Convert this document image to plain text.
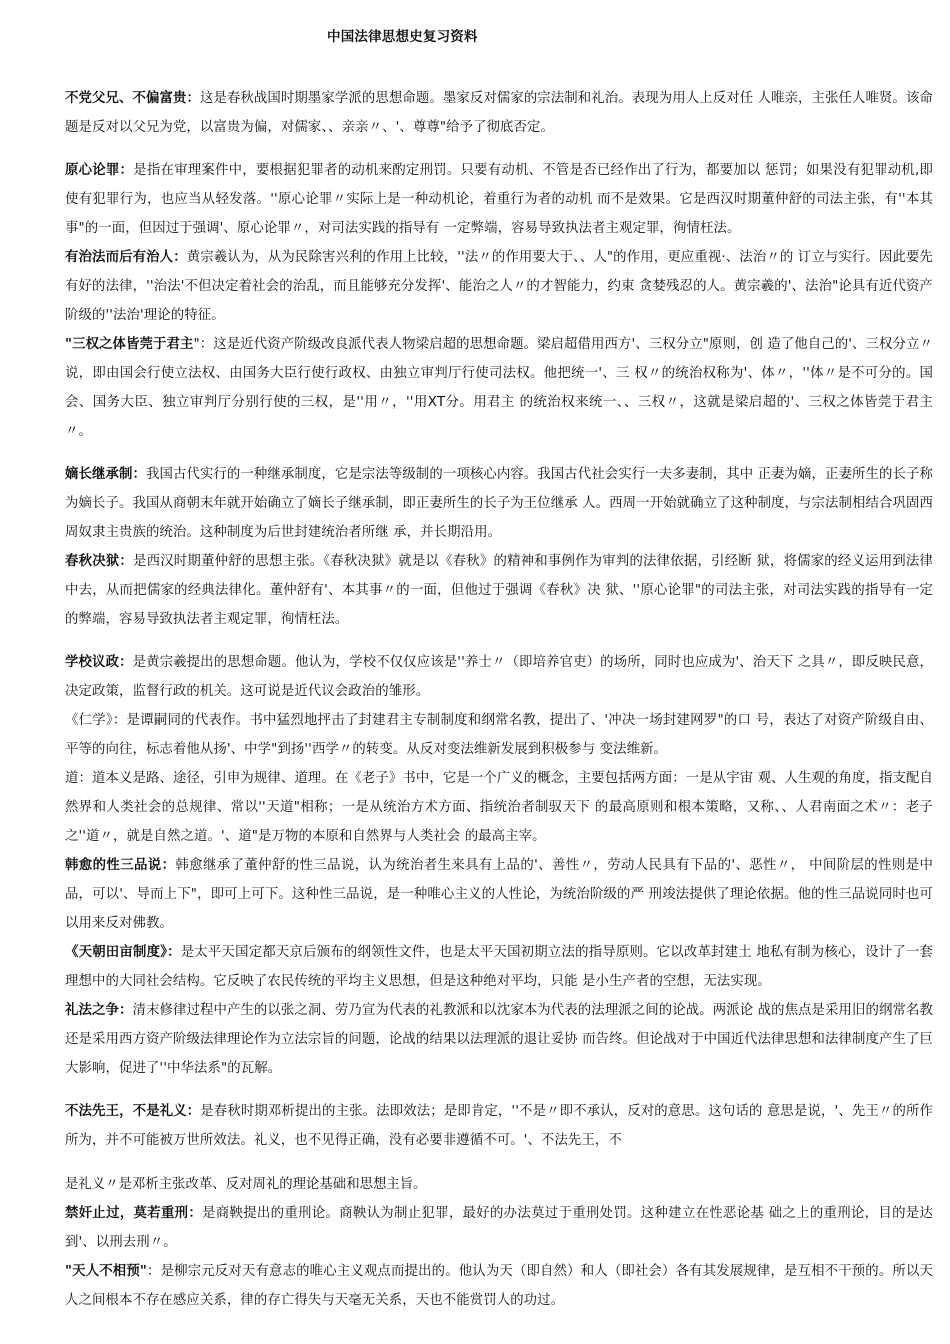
中国法律思想史复习资料

不党父兄、不偏富贵：这是春秋战国时期墨家学派的思想命题。墨家反对儒家的宗法制和礼治。表现为用人上反对任 人唯亲，主张任人唯贤。该命题是反对以父兄为党，以富贵为偏，对儒家、、亲亲〃、'、尊尊"给予了彻底否定。

原心论罪：是指在审理案件中，要根据犯罪者的动机来酌定刑罚。只要有动机、不管是否已经作出了行为，都要加以 惩罚；如果没有犯罪动机,即使有犯罪行为，也应当从轻发落。''原心论罪〃实际上是一种动机论，着重行为者的动机 而不是效果。它是西汉时期董仲舒的司法主张，有''本其事"的一面，但因过于强调'、原心论罪〃，对司法实践的指导有 一定弊端，容易导致执法者主观定罪，徇情枉法。

有治法而后有治人：黄宗羲认为，从为民除害兴利的作用上比较，''法〃的作用要大于、、人"的作用，更应重视·、法治〃的 订立与实行。因此要先有好的法律，''治法'不但决定着社会的治乱，而且能够充分发挥'、能治之人〃的才智能力，约束 贪婪残忍的人。黄宗羲的'、法治"论具有近代资产阶级的''法治'理论的特征。

"三权之体皆莞于君主"：这是近代资产阶级改良派代表人物梁启超的思想命题。梁启超借用西方'、三权分立"原则，创 造了他自己的'、三权分立〃说，即由国会行使立法权、由国务大臣行使行政权、由独立审判厅行使司法权。他把统一'、三 权〃的统治权称为'、体〃，''体〃是不可分的。国会、国务大臣、独立审判厅分别行使的三权，是''用〃，''用XT分。用君主 的统治权来统一、、三权〃，这就是梁启超的'、三权之体皆莞于君主〃。

嫡长继承制：我国古代实行的一种继承制度，它是宗法等级制的一项核心内容。我国古代社会实行一夫多妻制，其中 正妻为嫡，正妻所生的长子称为嫡长子。我国从商朝末年就开始确立了嫡长子继承制，即正妻所生的长子为王位继承 人。西周一开始就确立了这种制度，与宗法制相结合巩固西周奴隶主贵族的统治。这种制度为后世封建统治者所继 承，并长期沿用。

春秋决狱：是西汉时期董仲舒的思想主张。《春秋决狱》就是以《春秋》的精神和事例作为审判的法律依据，引经断 狱，将儒家的经义运用到法律中去，从而把儒家的经典法律化。董仲舒有'、本其事〃的一面，但他过于强调《春秋》决 狱、''原心论罪"的司法主张，对司法实践的指导有一定的弊端，容易导致执法者主观定罪，徇情枉法。

学校议政：是黄宗羲提出的思想命题。他认为，学校不仅仅应该是''养士〃（即培养官吏）的场所，同时也应成为'、治天下 之具〃，即反映民意，决定政策，监督行政的机关。这可说是近代议会政治的雏形。

《仁学》：是谭嗣同的代表作。书中猛烈地抨击了封建君主专制制度和纲常名教，提出了、'冲决一场封建网罗"的口 号，表达了对资产阶级自由、平等的向往，标志着他从扬'、中学"到扬''西学〃的转变。从反对变法维新发展到积极参与 变法维新。

道：道本义是路、途径，引申为规律、道理。在《老子》书中，它是一个广义的概念，主要包括两方面：一是从宇宙 观、人生观的角度，指支配自然界和人类社会的总规律、常以''天道"相称；一是从统治方术方面、指统治者制驭天下 的最高原则和根本策略，又称、、人君南面之术〃：老子之''道〃，就是自然之道。'、道"是万物的本原和自然界与人类社会 的最高主宰。

韩愈的性三品说：韩愈继承了董仲舒的性三品说，认为统治者生来具有上品的'、善性〃，劳动人民具有下品的'、恶性〃， 中间阶层的性则是中品，可以'、导而上下"，即可上可下。这种性三品说，是一种唯心主义的人性论，为统治阶级的严 刑竣法提供了理论依据。他的性三品说同时也可以用来反对佛教。

《天朝田亩制度》：是太平天国定都天京后颁布的纲领性文件，也是太平天国初期立法的指导原则。它以改革封建土 地私有制为核心，设计了一套理想中的大同社会结构。它反映了农民传统的平均主义思想，但是这种绝对平均，只能 是小生产者的空想，无法实现。

礼法之争：清末修律过程中产生的以张之洞、劳乃宣为代表的礼教派和以沈家本为代表的法理派之间的论战。两派论 战的焦点是采用旧的纲常名教还是采用西方资产阶级法律理论作为立法宗旨的问题，论战的结果以法理派的退让妥协 而告终。但论战对于中国近代法律思想和法律制度产生了巨大影响，促进了''中华法系"的瓦解。

不法先王，不是礼义：是春秋时期邓析提出的主张。法即效法；是即肯定，''不是〃即不承认，反对的意思。这句话的 意思是说，'、先王〃的所作所为，并不可能被万世所效法。礼义，也不见得正确，没有必要非遵循不可。'、不法先王，不

是礼义〃是邓析主张改革、反对周礼的理论基础和思想主旨。

禁奸止过，莫若重刑：是商鞅提出的重刑论。商鞅认为制止犯罪，最好的办法莫过于重刑处罚。这种建立在性恶论基 础之上的重刑论，目的是达到'、以刑去刑〃。

"天人不相预"：是柳宗元反对天有意志的唯心主义观点而提出的。他认为天（即自然）和人（即社会）各有其发展规律，是互相不干预的。所以天人之间根本不存在感应关系，律的存亡得失与天毫无关系，天也不能赏罚人的功过。
